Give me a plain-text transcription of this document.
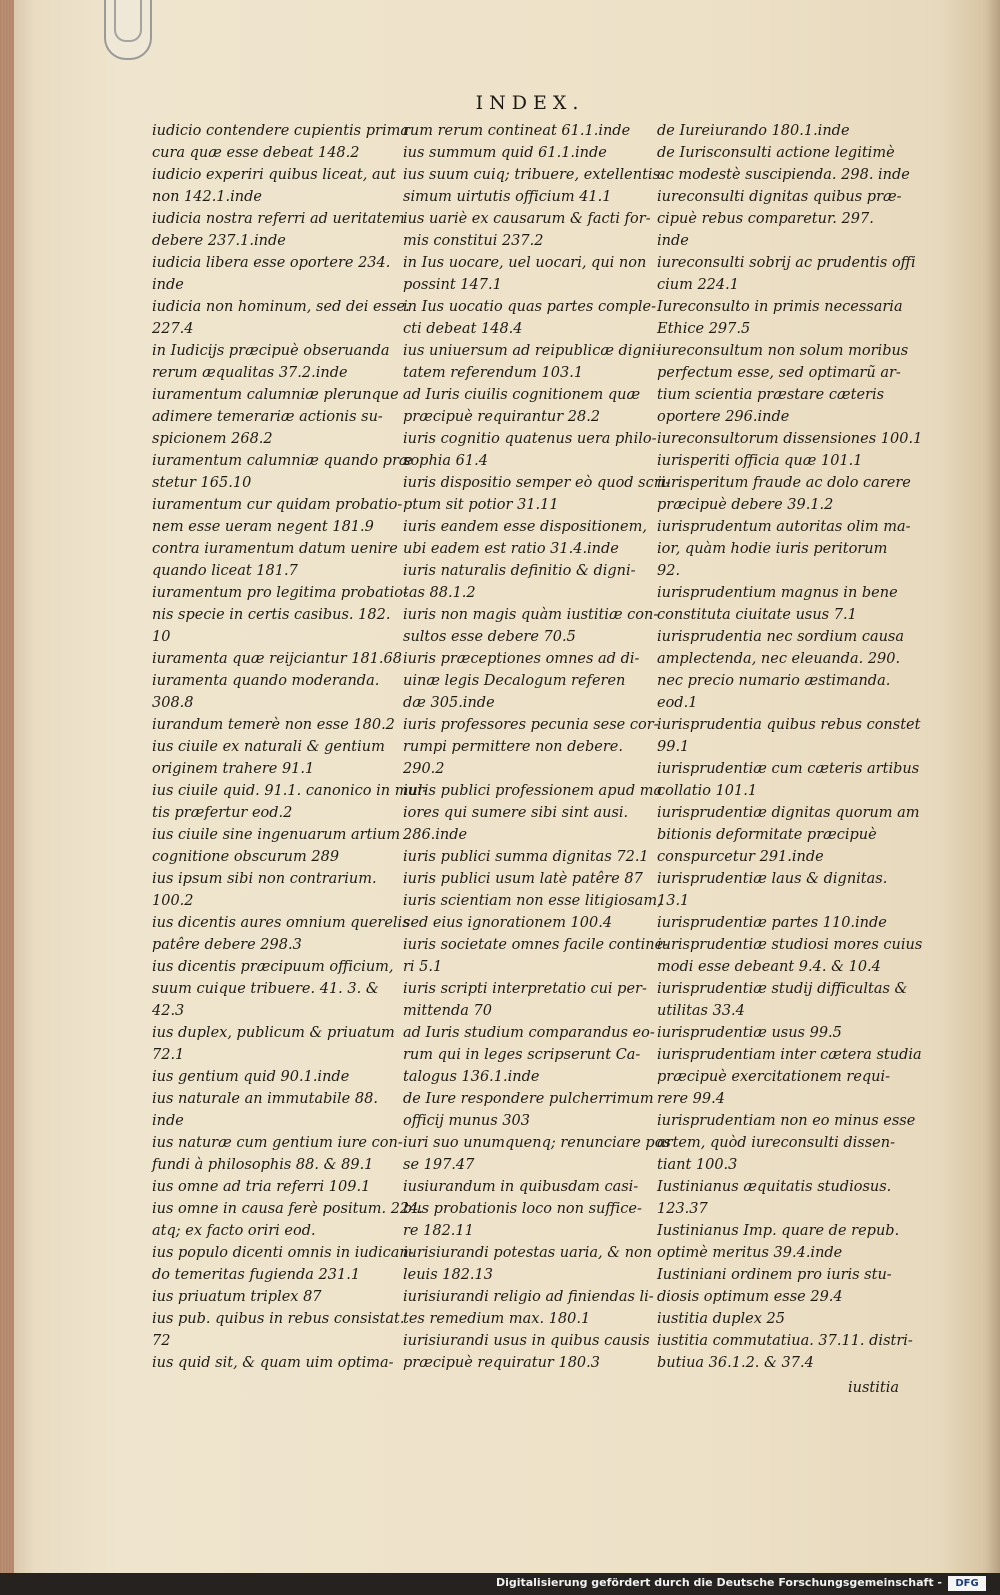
INDEX.
iudicio contendere cupientis prima
cura quæ esse debeat 148.2
iudicio experiri quibus liceat, aut
non 142.1.inde
iudicia nostra referri ad ueritatem
debere 237.1.inde
iudicia libera esse oportere 234.
inde
iudicia non hominum, sed dei esse.
227.4
in Iudicijs præcipuè obseruanda
rerum æqualitas 37.2.inde
iuramentum calumniæ plerunque
adimere temerariæ actionis su-
spicionem 268.2
iuramentum calumniæ quando præ
stetur 165.10
iuramentum cur quidam probatio-
nem esse ueram negent 181.9
contra iuramentum datum uenire
quando liceat 181.7
iuramentum pro legitima probatio-
nis specie in certis casibus. 182.
10
iuramenta quæ reijciantur 181.68
iuramenta quando moderanda.
308.8
iurandum temerè non esse 180.2
ius ciuile ex naturali & gentium
originem trahere 91.1
ius ciuile quid. 91.1. canonico in mul-
tis præfertur eod.2
ius ciuile sine ingenuarum artium
cognitione obscurum 289
ius ipsum sibi non contrarium.
100.2
ius dicentis aures omnium querelis
patêre debere 298.3
ius dicentis præcipuum officium,
suum cuique tribuere. 41. 3. &
42.3
ius duplex, publicum & priuatum
72.1
ius gentium quid 90.1.inde
ius naturale an immutabile 88.
inde
ius naturæ cum gentium iure con-
fundi à philosophis 88. & 89.1
ius omne ad tria referri 109.1
ius omne in causa ferè positum. 224.
atq; ex facto oriri eod.
ius populo dicenti omnis in iudican-
do temeritas fugienda 231.1
ius priuatum triplex 87
ius pub. quibus in rebus consistat.
72
ius quid sit, & quam uim optima-
rum rerum contineat 61.1.inde
ius summum quid 61.1.inde
ius suum cuiq; tribuere, extellentis-
simum uirtutis officium 41.1
ius uariè ex causarum & facti for-
mis constitui 237.2
in Ius uocare, uel uocari, qui non
possint 147.1
in Ius uocatio quas partes comple-
cti debeat 148.4
ius uniuersum ad reipublicæ digni-
tatem referendum 103.1
ad Iuris ciuilis cognitionem quæ
præcipuè requirantur 28.2
iuris cognitio quatenus uera philo-
sophia 61.4
iuris dispositio semper eò quod scri-
ptum sit potior 31.11
iuris eandem esse dispositionem,
ubi eadem est ratio 31.4.inde
iuris naturalis definitio & digni-
tas 88.1.2
iuris non magis quàm iustitiæ con-
sultos esse debere 70.5
iuris præceptiones omnes ad di-
uinæ legis Decalogum referen
dæ 305.inde
iuris professores pecunia sese cor-
rumpi permittere non debere.
290.2
iuris publici professionem apud ma
iores qui sumere sibi sint ausi.
286.inde
iuris publici summa dignitas 72.1
iuris publici usum latè patêre 87
iuris scientiam non esse litigiosam,
sed eius ignorationem 100.4
iuris societate omnes facile contine-
ri 5.1
iuris scripti interpretatio cui per-
mittenda 70
ad Iuris studium comparandus eo-
rum qui in leges scripserunt Ca-
talogus 136.1.inde
de Iure respondere pulcherrimum
officij munus 303
iuri suo unumquenq; renunciare pos
se 197.47
iusiurandum in quibusdam casi-
bus probationis loco non suffice-
re 182.11
iurisiurandi potestas uaria, & non
leuis 182.13
iurisiurandi religio ad finiendas li-
tes remedium max. 180.1
iurisiurandi usus in quibus causis
præcipuè requiratur 180.3
de Iureiurando 180.1.inde
de Iurisconsulti actione legitimè
ac modestè suscipienda. 298. inde
iureconsulti dignitas quibus præ-
cipuè rebus comparetur. 297.
inde
iureconsulti sobrij ac prudentis offi
cium 224.1
Iureconsulto in primis necessaria
Ethice 297.5
iureconsultum non solum moribus
perfectum esse, sed optimarũ ar-
tium scientia præstare cæteris
oportere 296.inde
iureconsultorum dissensiones 100.1
iurisperiti officia quæ 101.1
iurisperitum fraude ac dolo carere
præcipuè debere 39.1.2
iurisprudentum autoritas olim ma-
ior, quàm hodie iuris peritorum
92.
iurisprudentium magnus in bene
constituta ciuitate usus 7.1
iurisprudentia nec sordium causa
amplectenda, nec eleuanda. 290.
nec precio numario æstimanda.
eod.1
iurisprudentia quibus rebus constet
99.1
iurisprudentiæ cum cæteris artibus
collatio 101.1
iurisprudentiæ dignitas quorum am
bitionis deformitate præcipuè
conspurcetur 291.inde
iurisprudentiæ laus & dignitas.
13.1
iurisprudentiæ partes 110.inde
iurisprudentiæ studiosi mores cuius
modi esse debeant 9.4. & 10.4
iurisprudentiæ studij difficultas &
utilitas 33.4
iurisprudentiæ usus 99.5
iurisprudentiam inter cætera studia
præcipuè exercitationem requi-
rere 99.4
iurisprudentiam non eo minus esse
artem, quòd iureconsulti dissen-
tiant 100.3
Iustinianus æquitatis studiosus.
123.37
Iustinianus Imp. quare de repub.
optimè meritus 39.4.inde
Iustiniani ordinem pro iuris stu-
diosis optimum esse 29.4
iustitia duplex 25
iustitia commutatiua. 37.11. distri-
butiua 36.1.2. & 37.4
iustitia
Digitalisierung gefördert durch die Deutsche Forschungsgemeinschaft -	DFG
